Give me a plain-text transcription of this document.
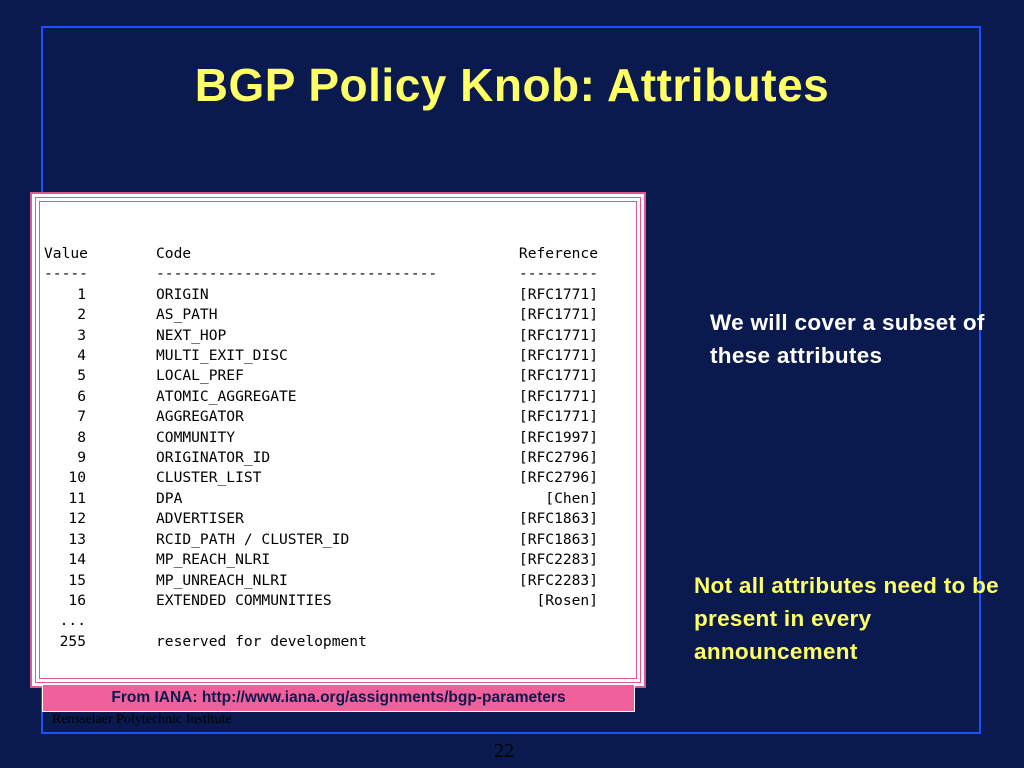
BGP Policy Knob: Attributes
Value	Code	Reference
-----	--------------------------------	---------
1	ORIGIN	[RFC1771]
2	AS_PATH	[RFC1771]
3	NEXT_HOP	[RFC1771]
4	MULTI_EXIT_DISC	[RFC1771]
5	LOCAL_PREF	[RFC1771]
6	ATOMIC_AGGREGATE	[RFC1771]
7	AGGREGATOR	[RFC1771]
8	COMMUNITY	[RFC1997]
9	ORIGINATOR_ID	[RFC2796]
10	CLUSTER_LIST	[RFC2796]
11	DPA	[Chen]
12	ADVERTISER	[RFC1863]
13	RCID_PATH / CLUSTER_ID	[RFC1863]
14	MP_REACH_NLRI	[RFC2283]
15	MP_UNREACH_NLRI	[RFC2283]
16	EXTENDED COMMUNITIES	[Rosen]
...
255	reserved for development
From IANA: http://www.iana.org/assignments/bgp-parameters
We will cover a subset of these attributes
Not all attributes need to be present in every announcement
Rensselaer Polytechnic Institute
22
